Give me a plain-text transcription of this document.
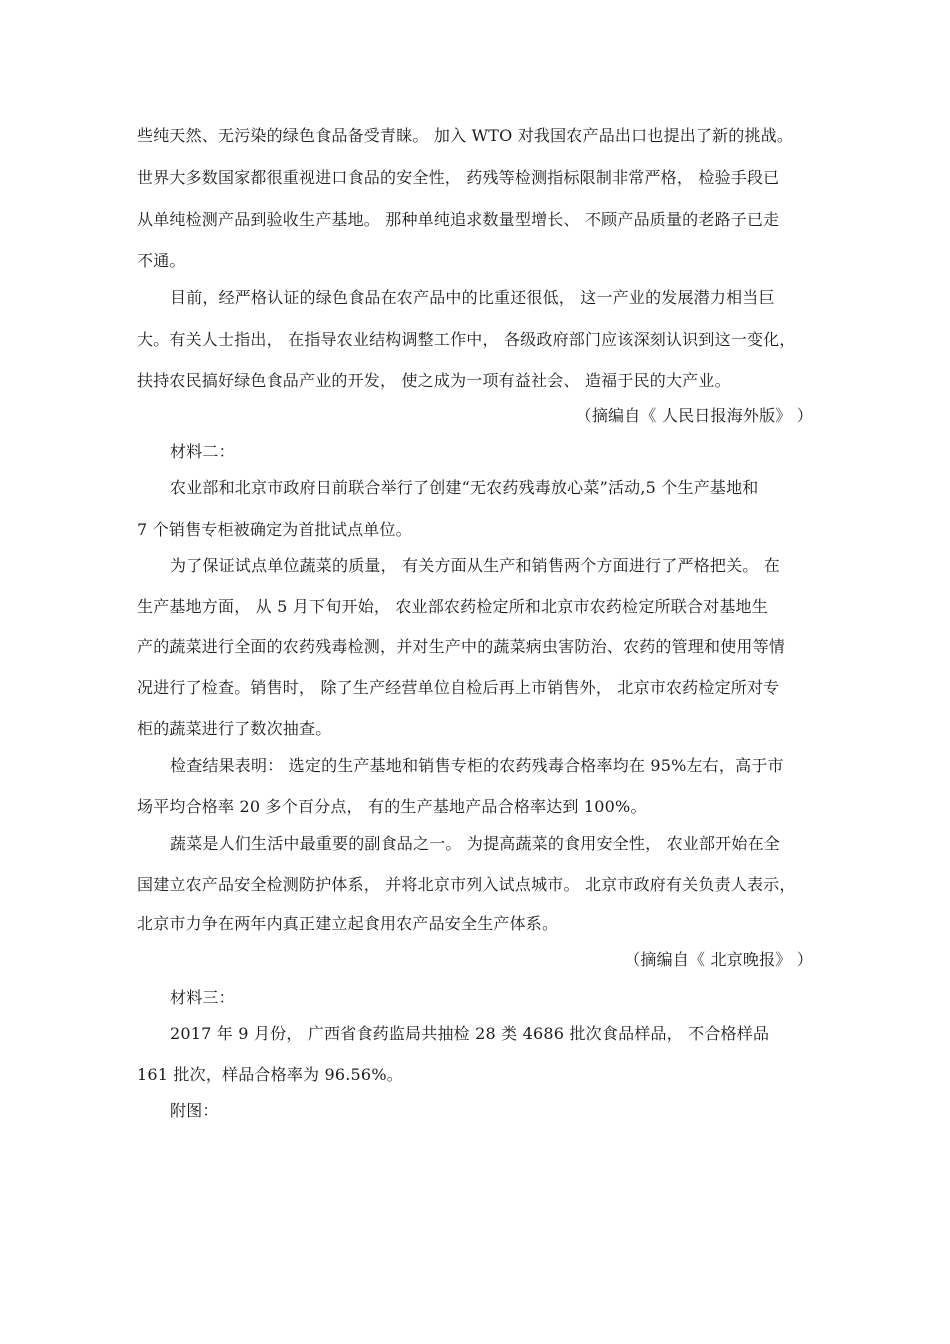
些纯天然、无污染的绿色食品备受青睐。 加入 WTO 对我国农产品出口也提出了新的挑战。
世界大多数国家都很重视进口食品的安全性， 药残等检测指标限制非常严格， 检验手段已
从单纯检测产品到验收生产基地。 那种单纯追求数量型增长、 不顾产品质量的老路子已走
不通。
目前，经严格认证的绿色食品在农产品中的比重还很低， 这一产业的发展潜力相当巨
大。有关人士指出， 在指导农业结构调整工作中， 各级政府部门应该深刻认识到这一变化，
扶持农民搞好绿色食品产业的开发， 使之成为一项有益社会、 造福于民的大产业。
（摘编自《 人民日报海外版》 ）
材料二：
农业部和北京市政府日前联合举行了创建“无农药残毒放心菜”活动,5 个生产基地和
7 个销售专柜被确定为首批试点单位。
为了保证试点单位蔬菜的质量， 有关方面从生产和销售两个方面进行了严格把关。 在
生产基地方面， 从 5 月下旬开始， 农业部农药检定所和北京市农药检定所联合对基地生
产的蔬菜进行全面的农药残毒检测，并对生产中的蔬菜病虫害防治、农药的管理和使用等情
况进行了检查。销售时， 除了生产经营单位自检后再上市销售外， 北京市农药检定所对专
柜的蔬菜进行了数次抽查。
检查结果表明： 选定的生产基地和销售专柜的农药残毒合格率均在 95%左右，高于市
场平均合格率 20 多个百分点， 有的生产基地产品合格率达到 100%。
蔬菜是人们生活中最重要的副食品之一。 为提高蔬菜的食用安全性， 农业部开始在全
国建立农产品安全检测防护体系， 并将北京市列入试点城市。 北京市政府有关负责人表示，
北京市力争在两年内真正建立起食用农产品安全生产体系。
（摘编自《 北京晚报》 ）
材料三：
2017 年 9 月份， 广西省食药监局共抽检 28 类 4686 批次食品样品， 不合格样品
161 批次，样品合格率为 96.56%。
附图：
